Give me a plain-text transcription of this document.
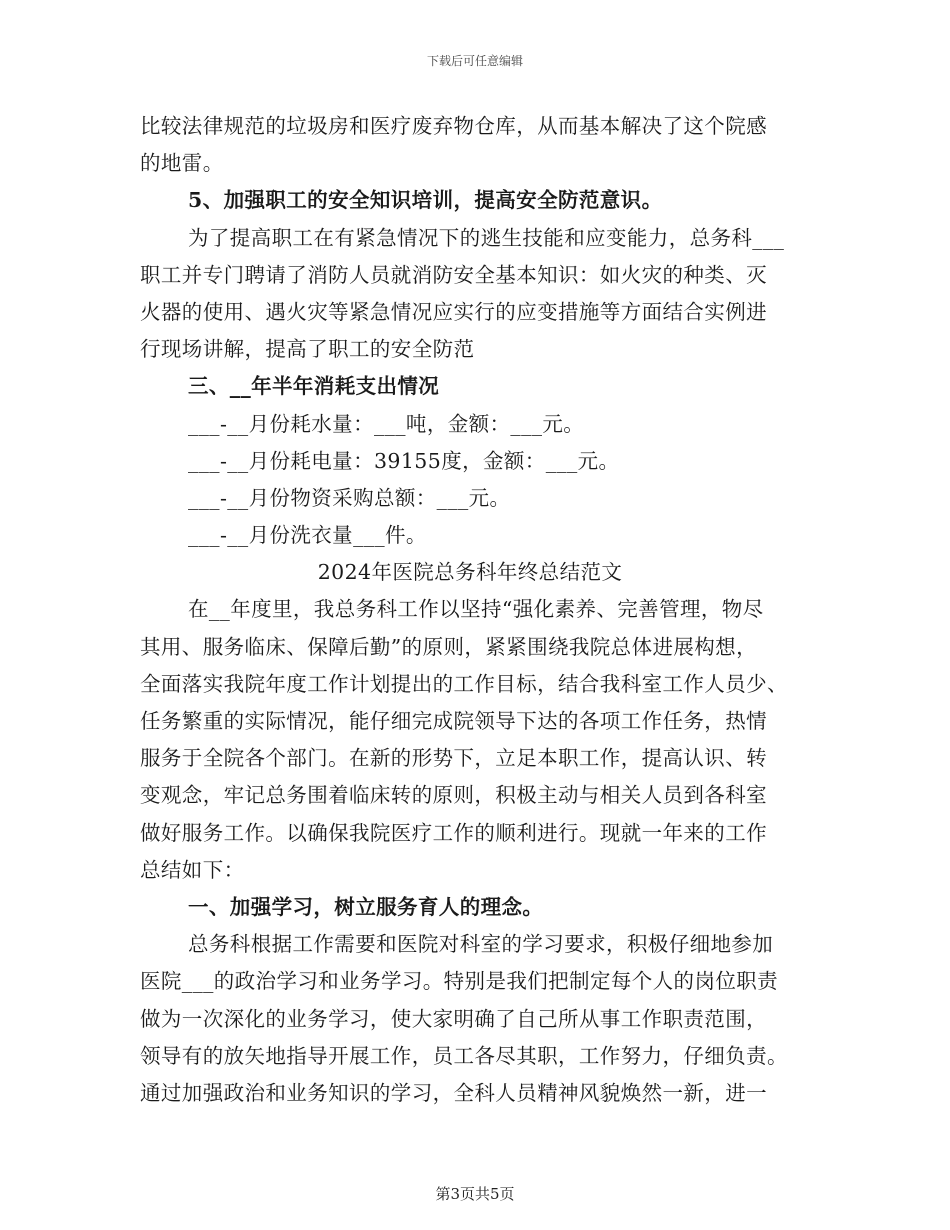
下载后可任意编辑
比较法律规范的垃圾房和医疗废弃物仓库，从而基本解决了这个院感
的地雷。
5、加强职工的安全知识培训，提高安全防范意识。
为了提高职工在有紧急情况下的逃生技能和应变能力，总务科___
职工并专门聘请了消防人员就消防安全基本知识：如火灾的种类、灭
火器的使用、遇火灾等紧急情况应实行的应变措施等方面结合实例进
行现场讲解，提高了职工的安全防范
三、__年半年消耗支出情况
___-__月份耗水量：___吨，金额：___元。
___-__月份耗电量：39155度，金额：___元。
___-__月份物资采购总额：___元。
___-__月份洗衣量___件。
2024年医院总务科年终总结范文
在__年度里，我总务科工作以坚持“强化素养、完善管理，物尽
其用、服务临床、保障后勤”的原则，紧紧围绕我院总体进展构想，
全面落实我院年度工作计划提出的工作目标，结合我科室工作人员少、
任务繁重的实际情况，能仔细完成院领导下达的各项工作任务，热情
服务于全院各个部门。在新的形势下，立足本职工作，提高认识、转
变观念，牢记总务围着临床转的原则，积极主动与相关人员到各科室
做好服务工作。以确保我院医疗工作的顺利进行。现就一年来的工作
总结如下：
一、加强学习，树立服务育人的理念。
总务科根据工作需要和医院对科室的学习要求，积极仔细地参加
医院___的政治学习和业务学习。特别是我们把制定每个人的岗位职责
做为一次深化的业务学习，使大家明确了自己所从事工作职责范围，
领导有的放矢地指导开展工作，员工各尽其职，工作努力，仔细负责。
通过加强政治和业务知识的学习，全科人员精神风貌焕然一新，进一
第3页共5页
